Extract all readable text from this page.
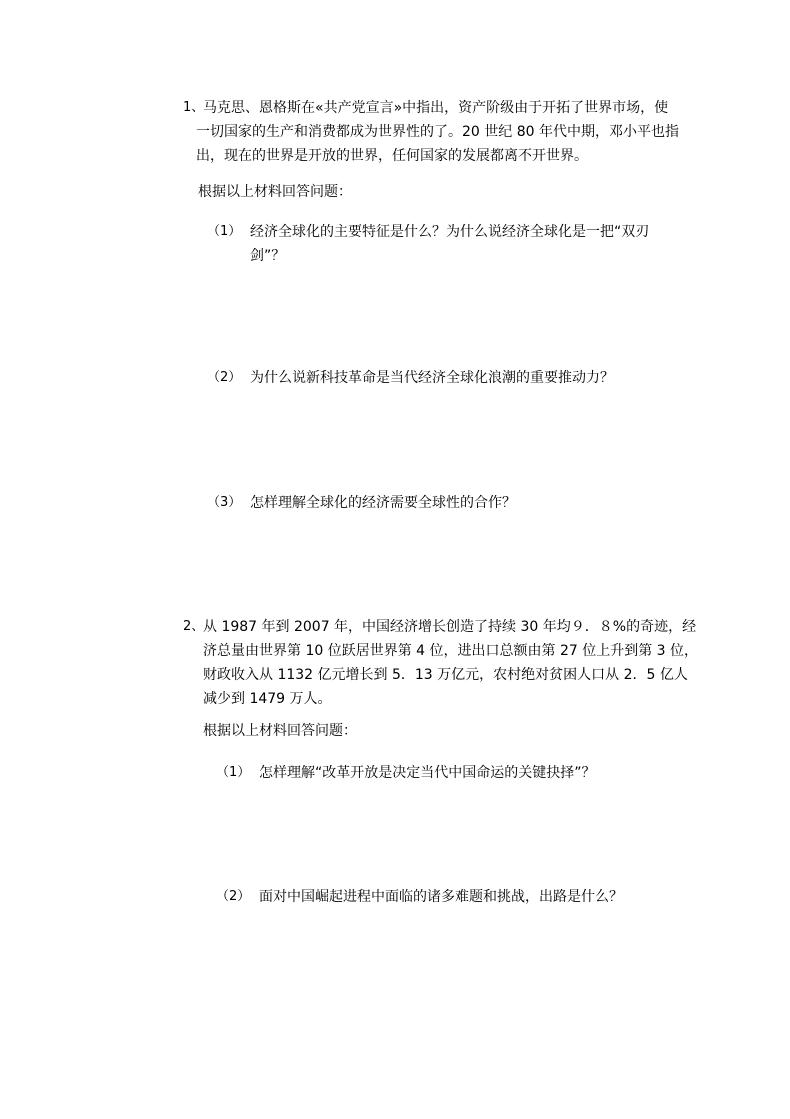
1、
马克思、恩格斯在«共产党宣言»中指出，资产阶级由于开拓了世界市场，使
一切国家的生产和消费都成为世界性的了。20 世纪 80 年代中期，邓小平也指
出，现在的世界是开放的世界，任何国家的发展都离不开世界。
根据以上材料回答问题：
（1） 经济全球化的主要特征是什么？为什么说经济全球化是一把“双刃
剑”？
（2） 为什么说新科技革命是当代经济全球化浪潮的重要推动力？
（3） 怎样理解全球化的经济需要全球性的合作？
2、
从 1987 年到 2007 年，中国经济增长创造了持续 30 年均９．８%的奇迹，经
济总量由世界第 10 位跃居世界第 4 位，进出口总额由第 27 位上升到第 3 位，
财政收入从 1132 亿元增长到 5．13 万亿元，农村绝对贫困人口从 2．5 亿人
减少到 1479 万人。
根据以上材料回答问题：
（1） 怎样理解“改革开放是决定当代中国命运的关键抉择”？
（2） 面对中国崛起进程中面临的诸多难题和挑战，出路是什么？
